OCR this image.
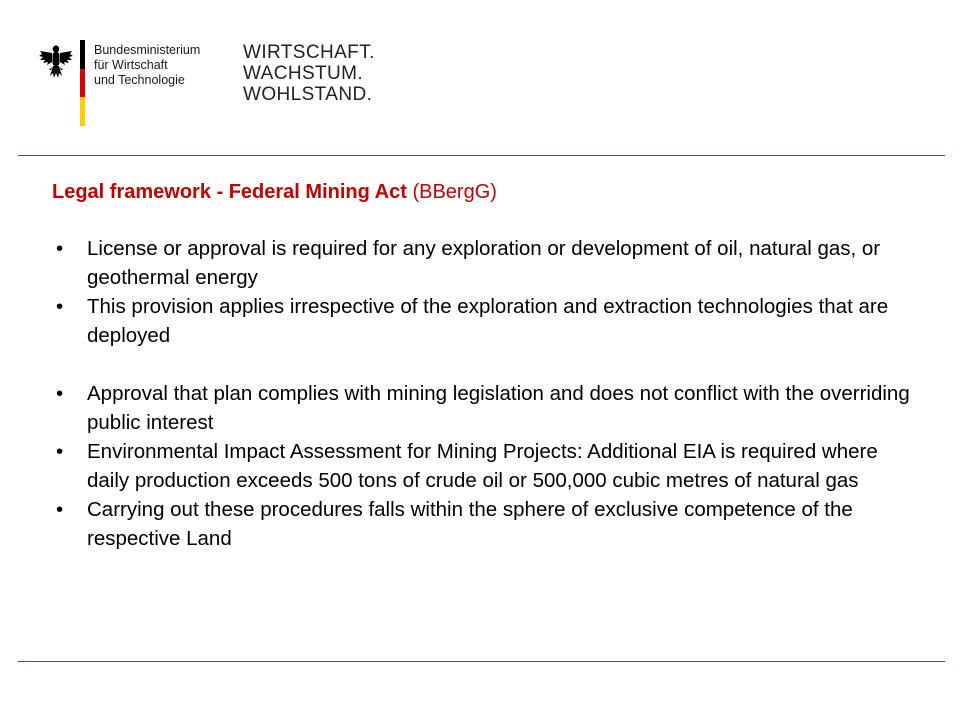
Bundesministerium
für Wirtschaft
und Technologie
WIRTSCHAFT.
WACHSTUM.
WOHLSTAND.
Legal framework - Federal Mining Act (BBergG)
• License or approval is required for any exploration or development of oil, natural gas, or geothermal energy
• This provision applies irrespective of the exploration and extraction technologies that are deployed
• Approval that plan complies with mining legislation and does not conflict with the overriding public interest
• Environmental Impact Assessment for Mining Projects: Additional EIA is required where daily production exceeds 500 tons of crude oil or 500,000 cubic metres of natural gas
• Carrying out these procedures falls within the sphere of exclusive competence of the respective Land
